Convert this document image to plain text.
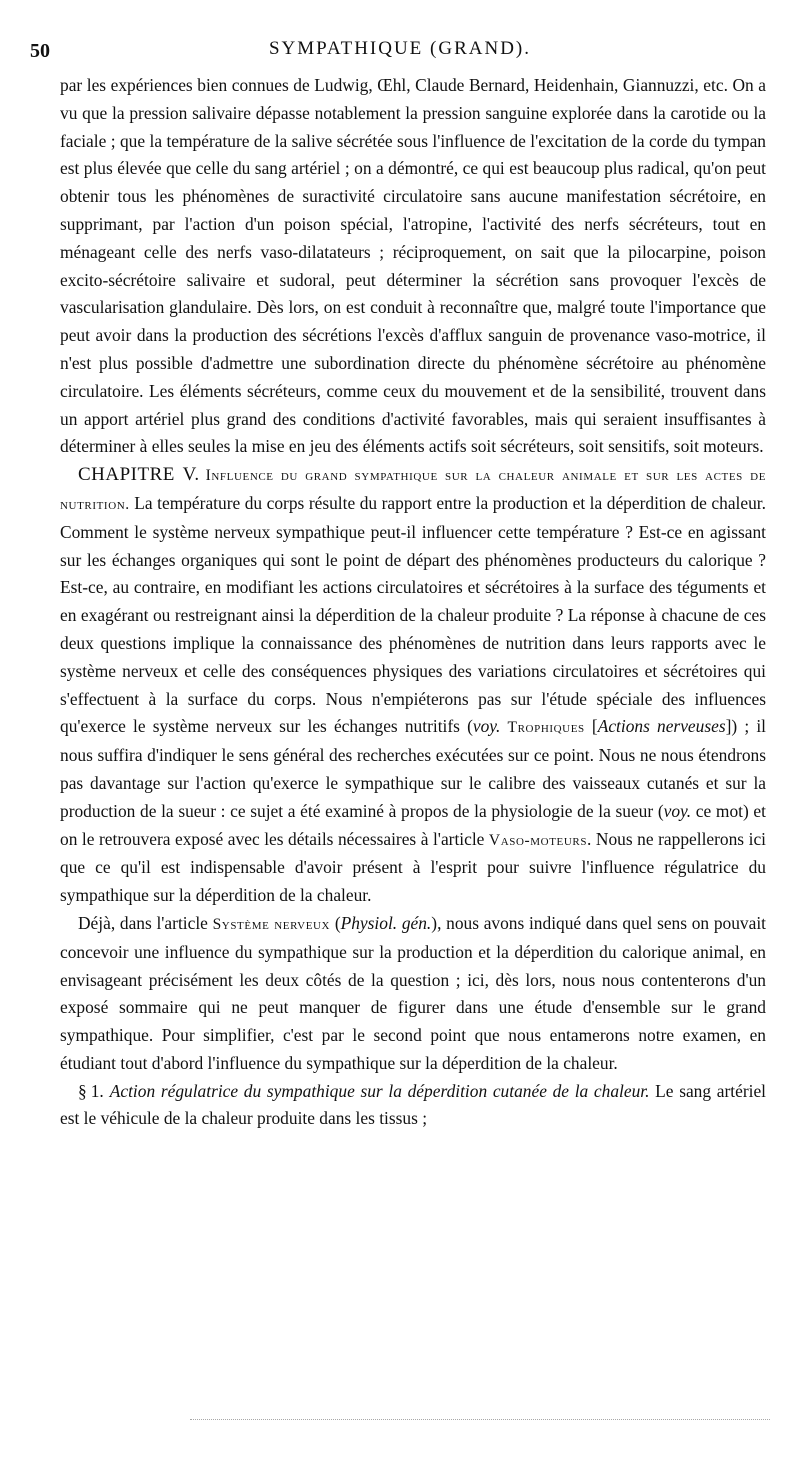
50	SYMPATHIQUE (GRAND).

par les expériences bien connues de Ludwig, Œhl, Claude Bernard, Heidenhain, Giannuzzi, etc. On a vu que la pression salivaire dépasse notablement la pression sanguine explorée dans la carotide ou la faciale ; que la température de la salive sécrétée sous l'influence de l'excitation de la corde du tympan est plus élevée que celle du sang artériel ; on a démontré, ce qui est beaucoup plus radical, qu'on peut obtenir tous les phénomènes de suractivité circulatoire sans aucune manifestation sécrétoire, en supprimant, par l'action d'un poison spécial, l'atropine, l'activité des nerfs sécréteurs, tout en ménageant celle des nerfs vaso-dilatateurs ; réciproquement, on sait que la pilocarpine, poison excito-sécrétoire salivaire et sudoral, peut déterminer la sécrétion sans provoquer l'excès de vascularisation glandulaire. Dès lors, on est conduit à reconnaître que, malgré toute l'importance que peut avoir dans la production des sécrétions l'excès d'afflux sanguin de provenance vaso-motrice, il n'est plus possible d'admettre une subordination directe du phénomène sécrétoire au phénomène circulatoire. Les éléments sécréteurs, comme ceux du mouvement et de la sensibilité, trouvent dans un apport artériel plus grand des conditions d'activité favorables, mais qui seraient insuffisantes à déterminer à elles seules la mise en jeu des éléments actifs soit sécréteurs, soit sensitifs, soit moteurs.

CHAPITRE V. Influence du grand sympathique sur la chaleur animale et sur les actes de nutrition. La température du corps résulte du rapport entre la production et la déperdition de chaleur. Comment le système nerveux sympathique peut-il influencer cette température ? Est-ce en agissant sur les échanges organiques qui sont le point de départ des phénomènes producteurs du calorique ? Est-ce, au contraire, en modifiant les actions circulatoires et sécrétoires à la surface des téguments et en exagérant ou restreignant ainsi la déperdition de la chaleur produite ? La réponse à chacune de ces deux questions implique la connaissance des phénomènes de nutrition dans leurs rapports avec le système nerveux et celle des conséquences physiques des variations circulatoires et sécrétoires qui s'effectuent à la surface du corps. Nous n'empiéterons pas sur l'étude spéciale des influences qu'exerce le système nerveux sur les échanges nutritifs (voy. Trophiques [Actions nerveuses]) ; il nous suffira d'indiquer le sens général des recherches exécutées sur ce point. Nous ne nous étendrons pas davantage sur l'action qu'exerce le sympathique sur le calibre des vaisseaux cutanés et sur la production de la sueur : ce sujet a été examiné à propos de la physiologie de la sueur (voy. ce mot) et on le retrouvera exposé avec les détails nécessaires à l'article Vaso-moteurs. Nous ne rappellerons ici que ce qu'il est indispensable d'avoir présent à l'esprit pour suivre l'influence régulatrice du sympathique sur la déperdition de la chaleur.

Déjà, dans l'article Système nerveux (Physiol. gén.), nous avons indiqué dans quel sens on pouvait concevoir une influence du sympathique sur la production et la déperdition du calorique animal, en envisageant précisément les deux côtés de la question ; ici, dès lors, nous nous contenterons d'un exposé sommaire qui ne peut manquer de figurer dans une étude d'ensemble sur le grand sympathique. Pour simplifier, c'est par le second point que nous entamerons notre examen, en étudiant tout d'abord l'influence du sympathique sur la déperdition de la chaleur.

§ 1. Action régulatrice du sympathique sur la déperdition cutanée de la chaleur. Le sang artériel est le véhicule de la chaleur produite dans les tissus ;
